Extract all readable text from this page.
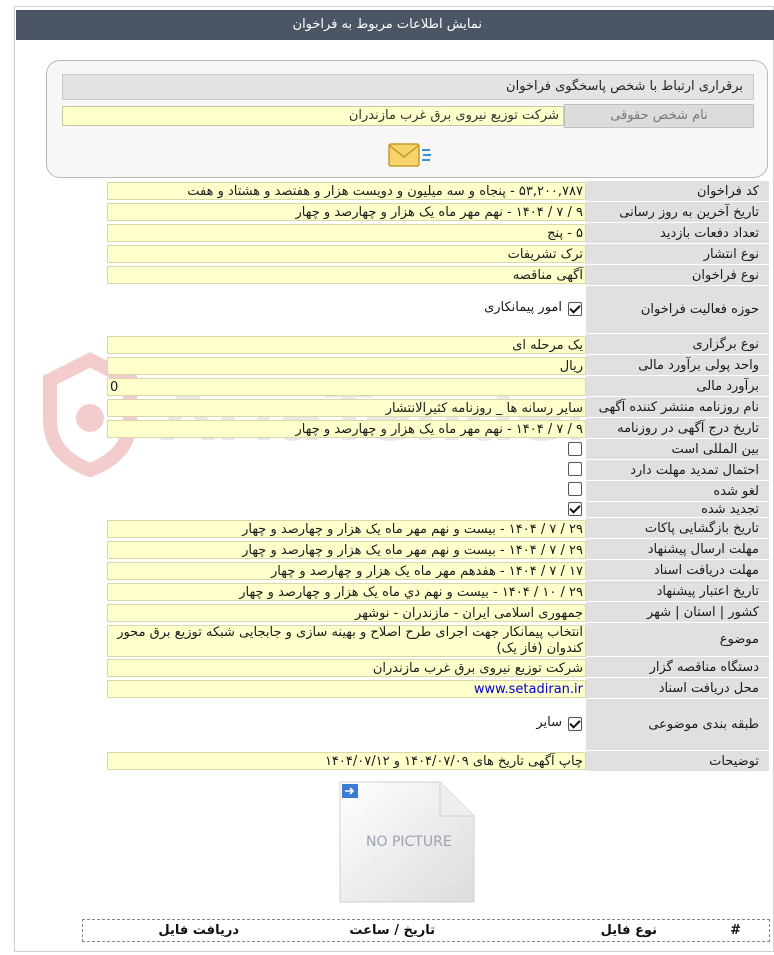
نمایش اطلاعات مربوط به فراخوان
برقراری ارتباط با شخص پاسخگوی فراخوان
شرکت توزیع نیروی برق غرب مازندران	نام شخص حقوقی
کد فراخوان
۵۳,۲۰۰,۷۸۷ - پنجاه و سه میلیون و دویست هزار و هفتصد و هشتاد و هفت
تاریخ آخرین به روز رسانی
۹ / ۷ / ۱۴۰۴ - نهم مهر ماه یک هزار و چهارصد و چهار
تعداد دفعات بازدید
۵ - پنج
نوع انتشار
ترک تشریفات
نوع فراخوان
آگهی مناقصه
حوزه فعالیت فراخوان
امور پیمانکاری
نوع برگزاری
یک مرحله ای
واحد پولی برآورد مالی
ریال
برآورد مالی
0
نام روزنامه منتشر کننده آگهی
سایر رسانه ها _ روزنامه کثیرالانتشار
تاریخ درج آگهی در روزنامه
۹ / ۷ / ۱۴۰۴ - نهم مهر ماه یک هزار و چهارصد و چهار
بین المللی است
احتمال تمدید مهلت دارد
لغو شده
تجدید شده
تاریخ بازگشایی پاکات
۲۹ / ۷ / ۱۴۰۴ - بیست و نهم مهر ماه یک هزار و چهارصد و چهار
مهلت ارسال پیشنهاد
۲۹ / ۷ / ۱۴۰۴ - بیست و نهم مهر ماه یک هزار و چهارصد و چهار
مهلت دریافت اسناد
۱۷ / ۷ / ۱۴۰۴ - هفدهم مهر ماه یک هزار و چهارصد و چهار
تاریخ اعتبار پیشنهاد
۲۹ / ۱۰ / ۱۴۰۴ - بیست و نهم دي ماه یک هزار و چهارصد و چهار
کشور | استان | شهر
جمهوری اسلامی ایران - مازندران - نوشهر
موضوع
انتخاب پیمانکار جهت اجرای طرح اصلاح و بهینه سازی و جابجایی شبکه توزیع برق محور کندوان (فاز یک)
دستگاه مناقصه گزار
شرکت توزیع نیروی برق غرب مازندران
محل دریافت اسناد
www.setadiran.ir
طبقه بندی موضوعی
سایر
توضیحات
چاپ آگهی تاریخ های ۱۴۰۴/۰۷/۰۹ و ۱۴۰۴/۰۷/۱۲
NO PICTURE
#
نوع فایل
تاریخ / ساعت
دریافت فایل
